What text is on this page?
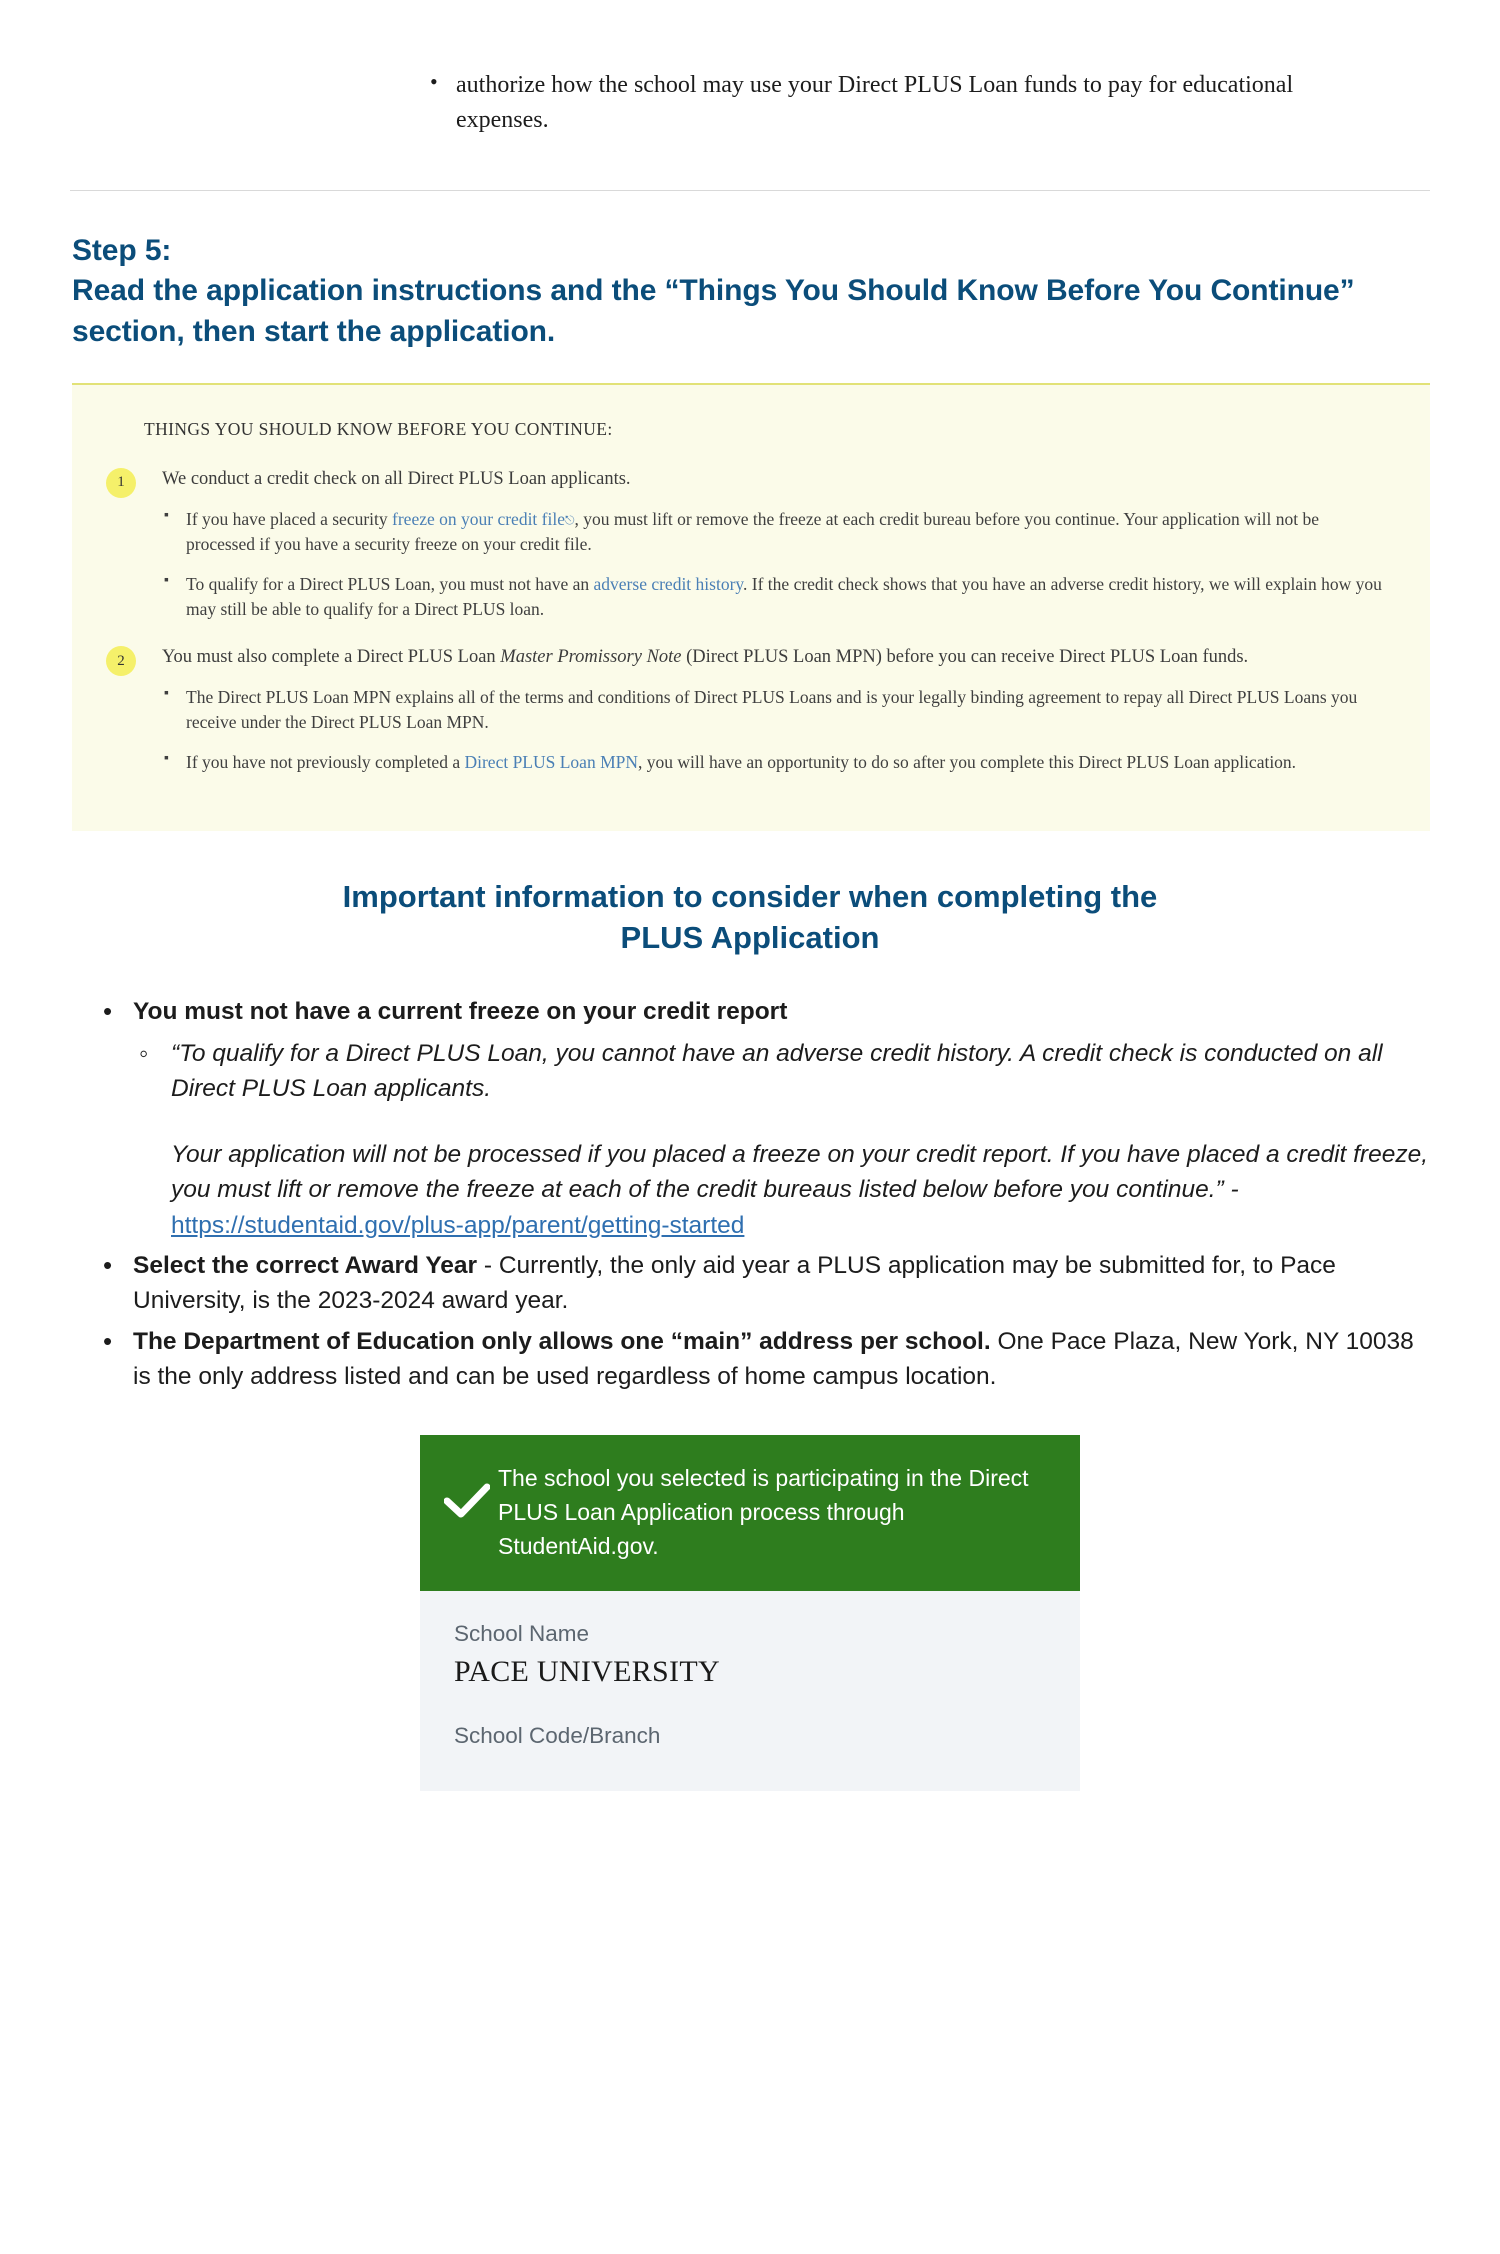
• authorize how the school may use your Direct PLUS Loan funds to pay for educational expenses.
Step 5:
Read the application instructions and the “Things You Should Know Before You Continue” section, then start the application.
THINGS YOU SHOULD KNOW BEFORE YOU CONTINUE:
1	We conduct a credit check on all Direct PLUS Loan applicants.

▪ If you have placed a security freeze on your credit file⎋, you must lift or remove the freeze at each credit bureau before you continue. Your application will not be processed if you have a security freeze on your credit file.
▪ To qualify for a Direct PLUS Loan, you must not have an adverse credit history. If the credit check shows that you have an adverse credit history, we will explain how you may still be able to qualify for a Direct PLUS loan.
2	You must also complete a Direct PLUS Loan Master Promissory Note (Direct PLUS Loan MPN) before you can receive Direct PLUS Loan funds.

▪ The Direct PLUS Loan MPN explains all of the terms and conditions of Direct PLUS Loans and is your legally binding agreement to repay all Direct PLUS Loans you receive under the Direct PLUS Loan MPN.
▪ If you have not previously completed a Direct PLUS Loan MPN, you will have an opportunity to do so after you complete this Direct PLUS Loan application.
Important information to consider when completing the
PLUS Application
• You must not have a current freeze on your credit report

◦ “To qualify for a Direct PLUS Loan, you cannot have an adverse credit history. A credit check is conducted on all Direct PLUS Loan applicants.

Your application will not be processed if you placed a freeze on your credit report. If you have placed a credit freeze, you must lift or remove the freeze at each of the credit bureaus listed below before you continue.” - https://studentaid.gov/plus-app/parent/getting-started

• Select the correct Award Year - Currently, the only aid year a PLUS application may be submitted for, to Pace University, is the 2023-2024 award year.
• The Department of Education only allows one “main” address per school. One Pace Plaza, New York, NY 10038 is the only address listed and can be used regardless of home campus location.
The school you selected is participating in the Direct PLUS Loan Application process through StudentAid.gov.
School Name
PACE UNIVERSITY
School Code/Branch
